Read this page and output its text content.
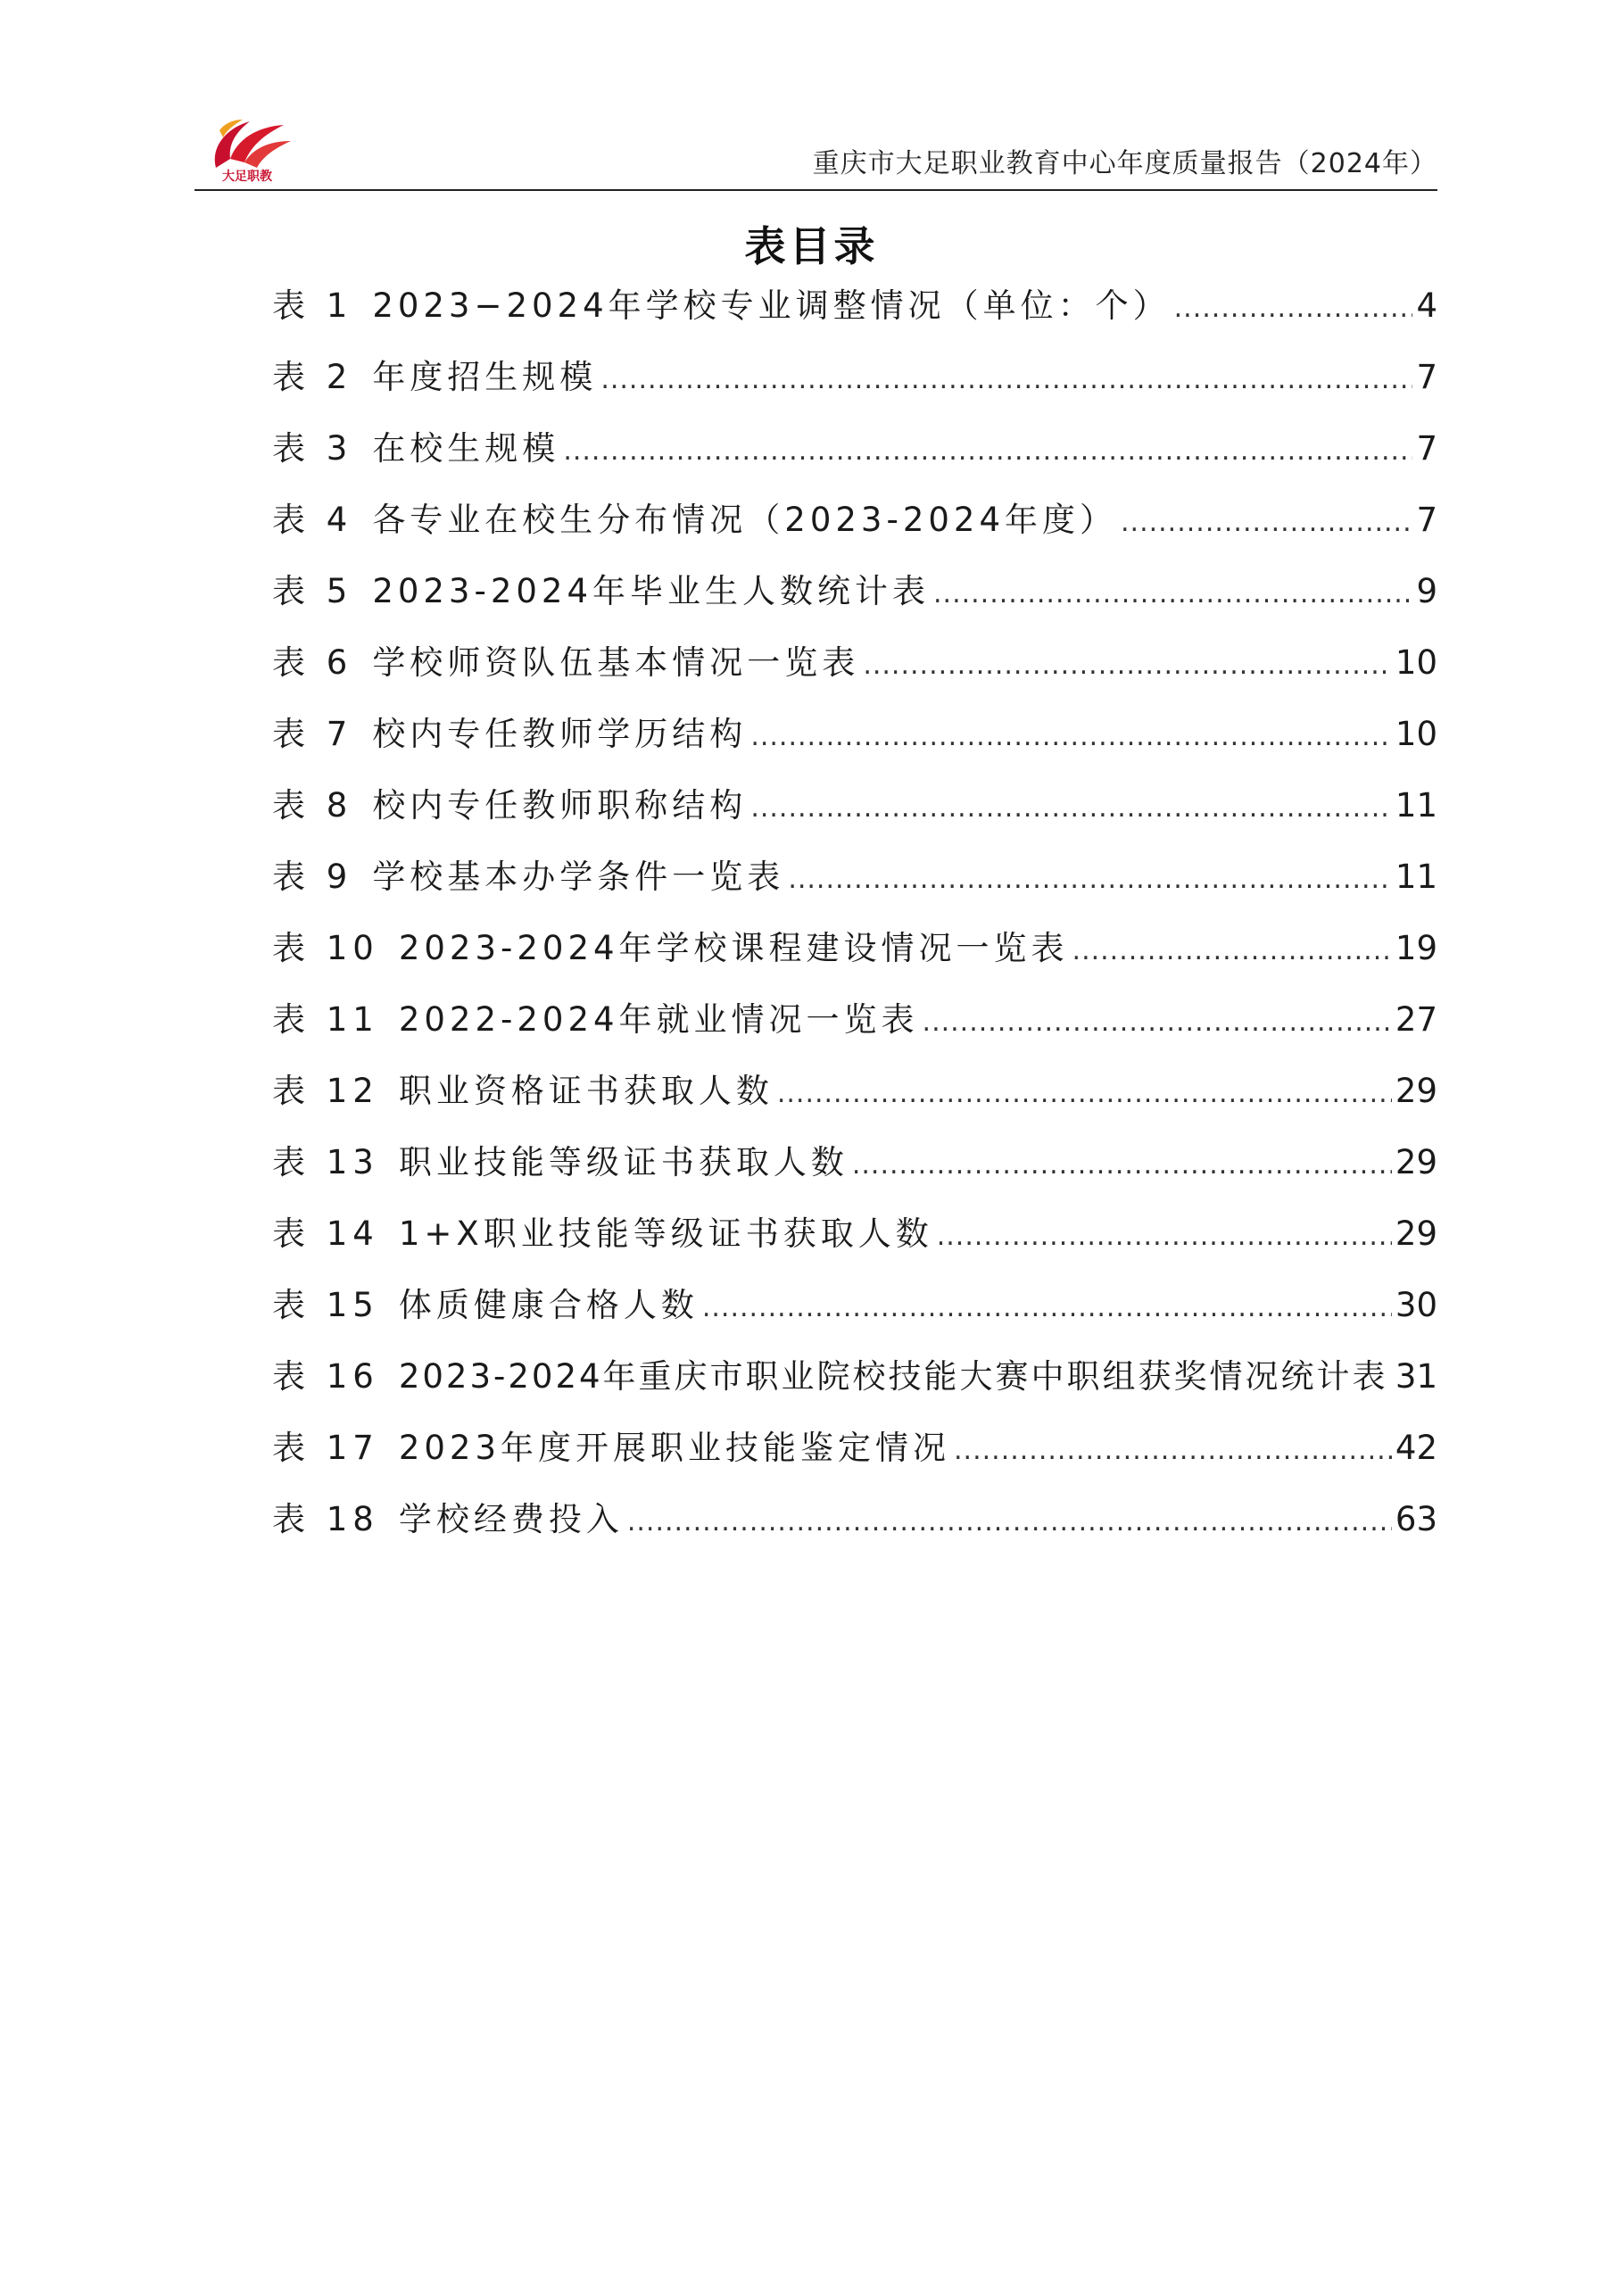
大足职教	重庆市大足职业教育中心年度质量报告（2024年）
表目录
表 1 2023−2024年学校专业调整情况（单位：个） .....	4
表 2 年度招生规模 .....	7
表 3 在校生规模 .....	7
表 4 各专业在校生分布情况（2023-2024年度） .....	7
表 5 2023-2024年毕业生人数统计表 .....	9
表 6 学校师资队伍基本情况一览表 .....	10
表 7 校内专任教师学历结构 .....	10
表 8 校内专任教师职称结构 .....	11
表 9 学校基本办学条件一览表 .....	11
表 10 2023-2024年学校课程建设情况一览表 .....	19
表 11 2022-2024年就业情况一览表 .....	27
表 12 职业资格证书获取人数 .....	29
表 13 职业技能等级证书获取人数 .....	29
表 14 1+X职业技能等级证书获取人数 .....	29
表 15 体质健康合格人数 .....	30
表 16 2023-2024年重庆市职业院校技能大赛中职组获奖情况统计表 ..... 31
表 17 2023年度开展职业技能鉴定情况 .....	42
表 18 学校经费投入 .....	63
